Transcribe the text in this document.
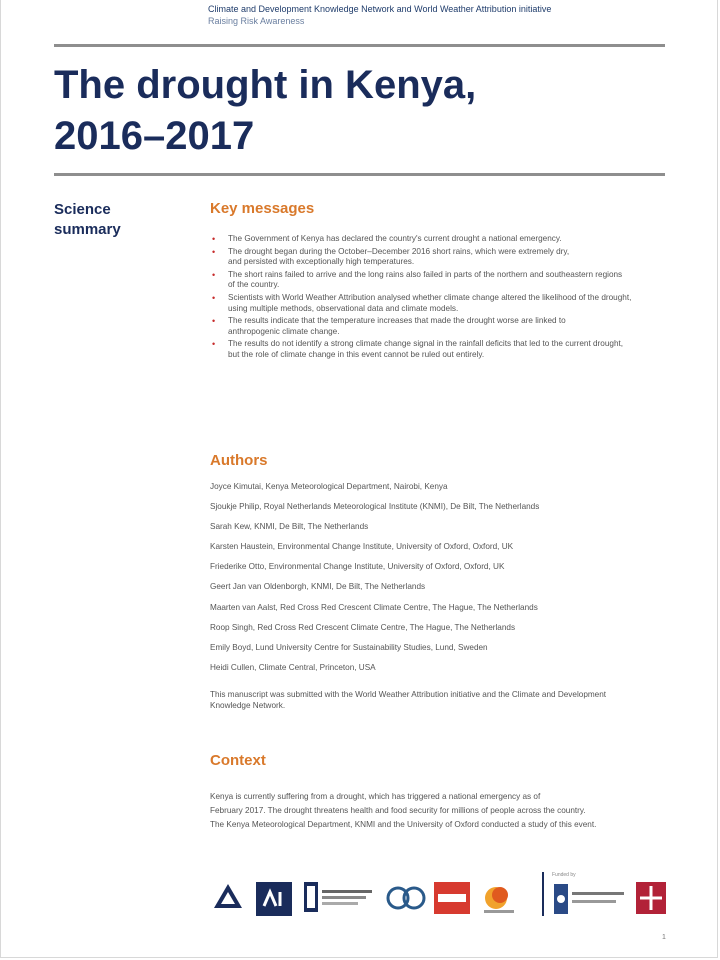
Climate and Development Knowledge Network and World Weather Attribution initiative
Raising Risk Awareness
The drought in Kenya,
2016–2017
Science summary
Key messages
• The Government of Kenya has declared the country's current drought a national emergency.
• The drought began during the October–December 2016 short rains, which were extremely dry,
and persisted with exceptionally high temperatures.
• The short rains failed to arrive and the long rains also failed in parts of the northern and southeastern regions
of the country.
• Scientists with World Weather Attribution analysed whether climate change altered the likelihood of the drought,
using multiple methods, observational data and climate models.
• The results indicate that the temperature increases that made the drought worse are linked to
anthropogenic climate change.
• The results do not identify a strong climate change signal in the rainfall deficits that led to the current drought,
but the role of climate change in this event cannot be ruled out entirely.
Authors
Joyce Kimutai, Kenya Meteorological Department, Nairobi, Kenya
Sjoukje Philip, Royal Netherlands Meteorological Institute (KNMI), De Bilt, The Netherlands
Sarah Kew, KNMI, De Bilt, The Netherlands
Karsten Haustein, Environmental Change Institute, University of Oxford, Oxford, UK
Friederike Otto, Environmental Change Institute, University of Oxford, Oxford, UK
Geert Jan van Oldenborgh, KNMI, De Bilt, The Netherlands
Maarten van Aalst, Red Cross Red Crescent Climate Centre, The Hague, The Netherlands
Roop Singh, Red Cross Red Crescent Climate Centre, The Hague, The Netherlands
Emily Boyd, Lund University Centre for Sustainability Studies, Lund, Sweden
Heidi Cullen, Climate Central, Princeton, USA
This manuscript was submitted with the World Weather Attribution initiative and the Climate and Development
Knowledge Network.
Context
Kenya is currently suffering from a drought, which has triggered a national emergency as of
February 2017. The drought threatens health and food security for millions of people across the country.
The Kenya Meteorological Department, KNMI and the University of Oxford conducted a study of this event.
Funded by
1
